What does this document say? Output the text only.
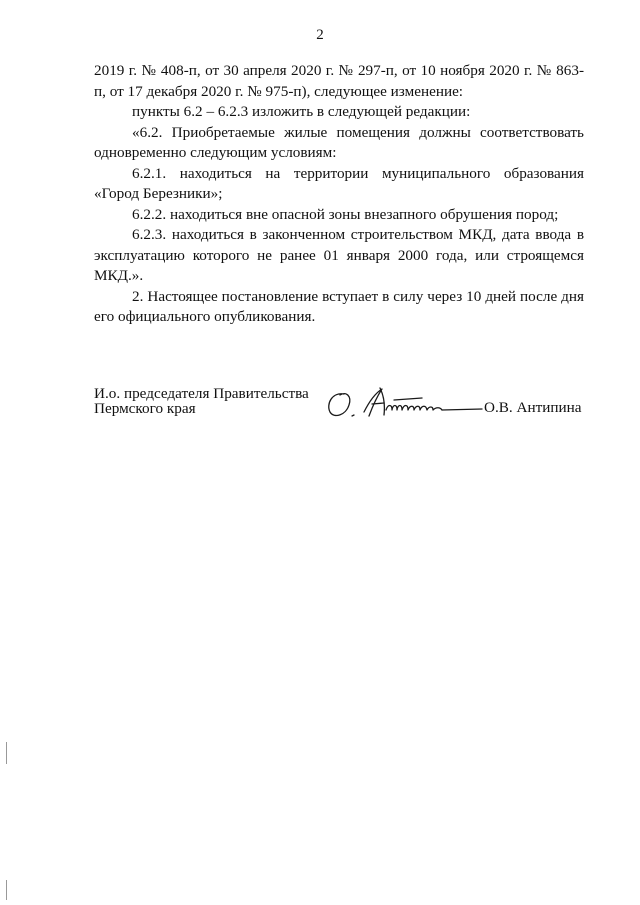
2

2019 г. № 408-п, от 30 апреля 2020 г. № 297-п, от 10 ноября 2020 г. № 863-п, от 17 декабря 2020 г. № 975-п), следующее изменение:

пункты 6.2 – 6.2.3 изложить в следующей редакции:

«6.2. Приобретаемые жилые помещения должны соответствовать одновременно следующим условиям:

6.2.1. находиться на территории муниципального образования «Город Березники»;

6.2.2. находиться вне опасной зоны внезапного обрушения пород;

6.2.3. находиться в законченном строительством МКД, дата ввода в эксплуатацию которого не ранее 01 января 2000 года, или строящемся МКД.».

2. Настоящее постановление вступает в силу через 10 дней после дня его официального опубликования.

И.о. председателя Правительства
Пермского края	О.В. Антипина
